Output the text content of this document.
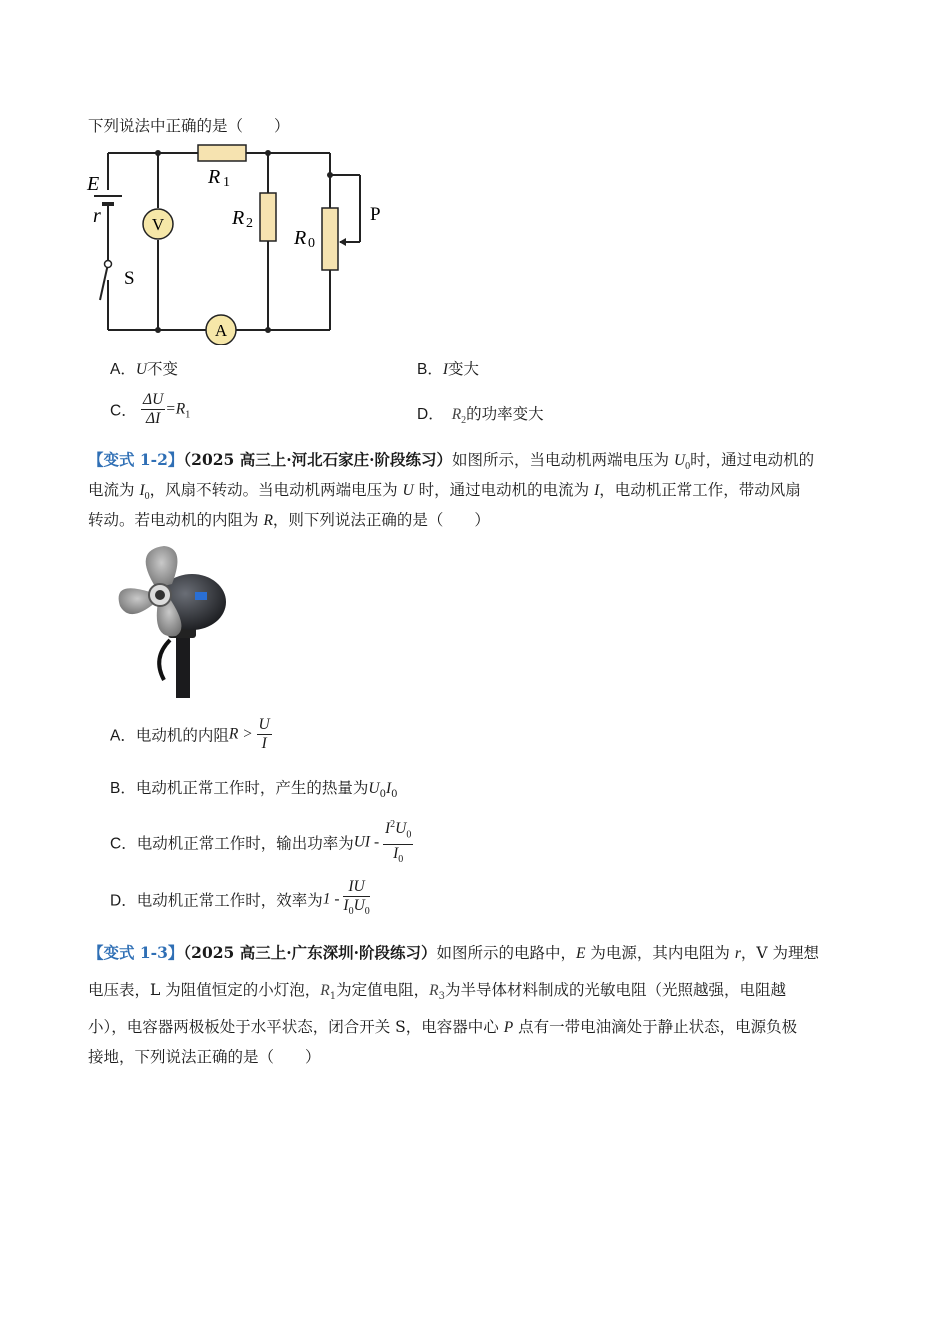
下列说法中正确的是（　　）
V
A
E
r
S
R 1
R 2
R 0
P
A．U不变	B．I变大
C． $\frac{\Delta U}{\Delta I} =R_1$	D． $R_2$的功率变大
【变式 1-2】（2025 高三上·河北石家庄·阶段练习）如图所示，当电动机两端电压为 $U_0$时，通过电动机的
电流为 $I_0$，风扇不转动。当电动机两端电压为 U 时，通过电动机的电流为 I，电动机正常工作，带动风扇
转动。若电动机的内阻为 R，则下列说法正确的是（　　）
A．电动机的内阻$R > \frac{U}{I}$
B．电动机正常工作时，产生的热量为$U_0I_0$
C．电动机正常工作时，输出功率为UI - $\frac{I^2U_0}{I_0}$
D．电动机正常工作时，效率为$1 - \frac{IU}{I_0U_0}$
【变式 1-3】（2025 高三上·广东深圳·阶段练习）如图所示的电路中，E 为电源，其内电阻为 r，V 为理想
电压表，L 为阻值恒定的小灯泡，$R_1$为定值电阻，$R_3$为半导体材料制成的光敏电阻（光照越强，电阻越
小），电容器两极板处于水平状态，闭合开关 S，电容器中心 P 点有一带电油滴处于静止状态，电源负极
接地，下列说法正确的是（　　）
